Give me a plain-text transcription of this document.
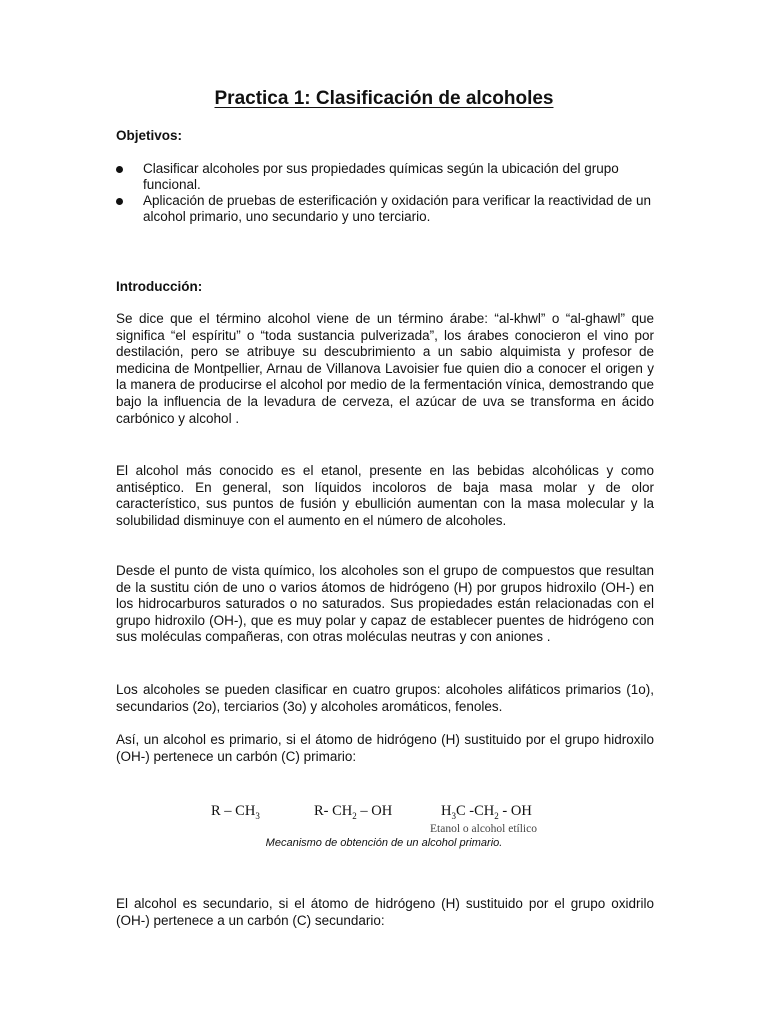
Practica 1: Clasificación de alcoholes
Objetivos:
Clasificar alcoholes por sus propiedades químicas según la ubicación del grupo funcional.
Aplicación de pruebas de esterificación y oxidación para verificar la reactividad de un alcohol primario, uno secundario y uno terciario.
Introducción:

Se dice que el término alcohol viene de un término árabe: “al-khwl” o “al-ghawl” que significa “el espíritu” o “toda sustancia pulverizada”, los árabes conocieron el vino por destilación, pero se atribuye su descubrimiento a un sabio alquimista y profesor de medicina de Montpellier, Arnau de Villanova Lavoisier fue quien dio a conocer el origen y la manera de producirse el alcohol por medio de la fermentación vínica, demostrando que bajo la influencia de la levadura de cerveza, el azúcar de uva se transforma en ácido carbónico y alcohol .

El alcohol más conocido es el etanol, presente en las bebidas alcohólicas y como antiséptico. En general, son líquidos incoloros de baja masa molar y de olor característico, sus puntos de fusión y ebullición aumentan con la masa molecular y la solubilidad disminuye con el aumento en el número de alcoholes.

Desde el punto de vista químico, los alcoholes son el grupo de compuestos que resultan de la sustitu ción de uno o varios átomos de hidrógeno (H) por grupos hidroxilo (OH-) en los hidrocarburos saturados o no saturados. Sus propiedades están relacionadas con el grupo hidroxilo (OH-), que es muy polar y capaz de establecer puentes de hidrógeno con sus moléculas compañeras, con otras moléculas neutras y con aniones .

Los alcoholes se pueden clasificar en cuatro grupos: alcoholes alifáticos primarios (1o), secundarios (2o), terciarios (3o) y alcoholes aromáticos, fenoles.

Así, un alcohol es primario, si el átomo de hidrógeno (H) sustituido por el grupo hidroxilo (OH-) pertenece un carbón (C) primario:

R – $CH_3$	R- $CH_2$ – OH	$H_3C$ $-CH_2$ - OH
Etanol o alcohol etílico
Mecanismo de obtención de un alcohol primario.

El alcohol es secundario, si el átomo de hidrógeno (H) sustituido por el grupo oxidrilo (OH-) pertenece a un carbón (C) secundario:
